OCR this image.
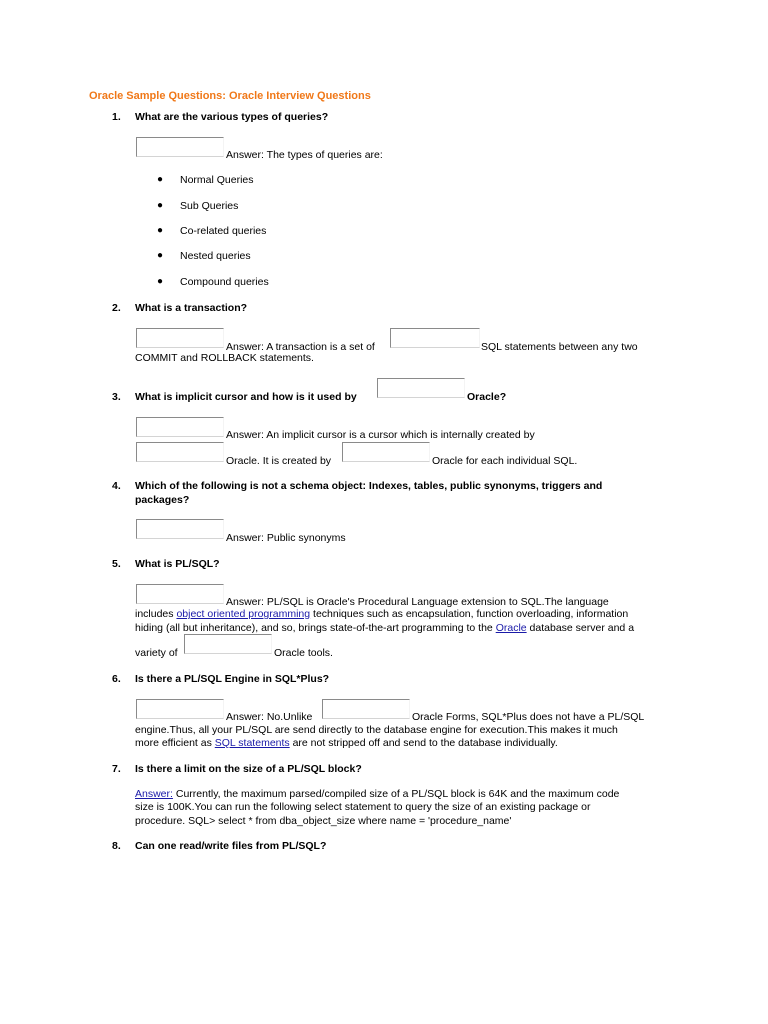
Oracle Sample Questions: Oracle Interview Questions
1. What are the various types of queries?
Answer: The types of queries are:
● Normal Queries
● Sub Queries
● Co-related queries
● Nested queries
● Compound queries
2. What is a transaction?
Answer: A transaction is a set of	SQL statements between any two
COMMIT and ROLLBACK statements.
3. What is implicit cursor and how is it used by	Oracle?
Answer: An implicit cursor is a cursor which is internally created by
Oracle. It is created by	Oracle for each individual SQL.
4. Which of the following is not a schema object: Indexes, tables, public synonyms, triggers and
packages?
Answer: Public synonyms
5. What is PL/SQL?
Answer: PL/SQL is Oracle's Procedural Language extension to SQL.The language
includes object oriented programming techniques such as encapsulation, function overloading, information
hiding (all but inheritance), and so, brings state-of-the-art programming to the Oracle database server and a
variety of	Oracle tools.
6. Is there a PL/SQL Engine in SQL*Plus?
Answer: No.Unlike	Oracle Forms, SQL*Plus does not have a PL/SQL
engine.Thus, all your PL/SQL are send directly to the database engine for execution.This makes it much
more efficient as SQL statements are not stripped off and send to the database individually.
7. Is there a limit on the size of a PL/SQL block?
Answer: Currently, the maximum parsed/compiled size of a PL/SQL block is 64K and the maximum code
size is 100K.You can run the following select statement to query the size of an existing package or
procedure. SQL> select * from dba_object_size where name = 'procedure_name'
8. Can one read/write files from PL/SQL?
